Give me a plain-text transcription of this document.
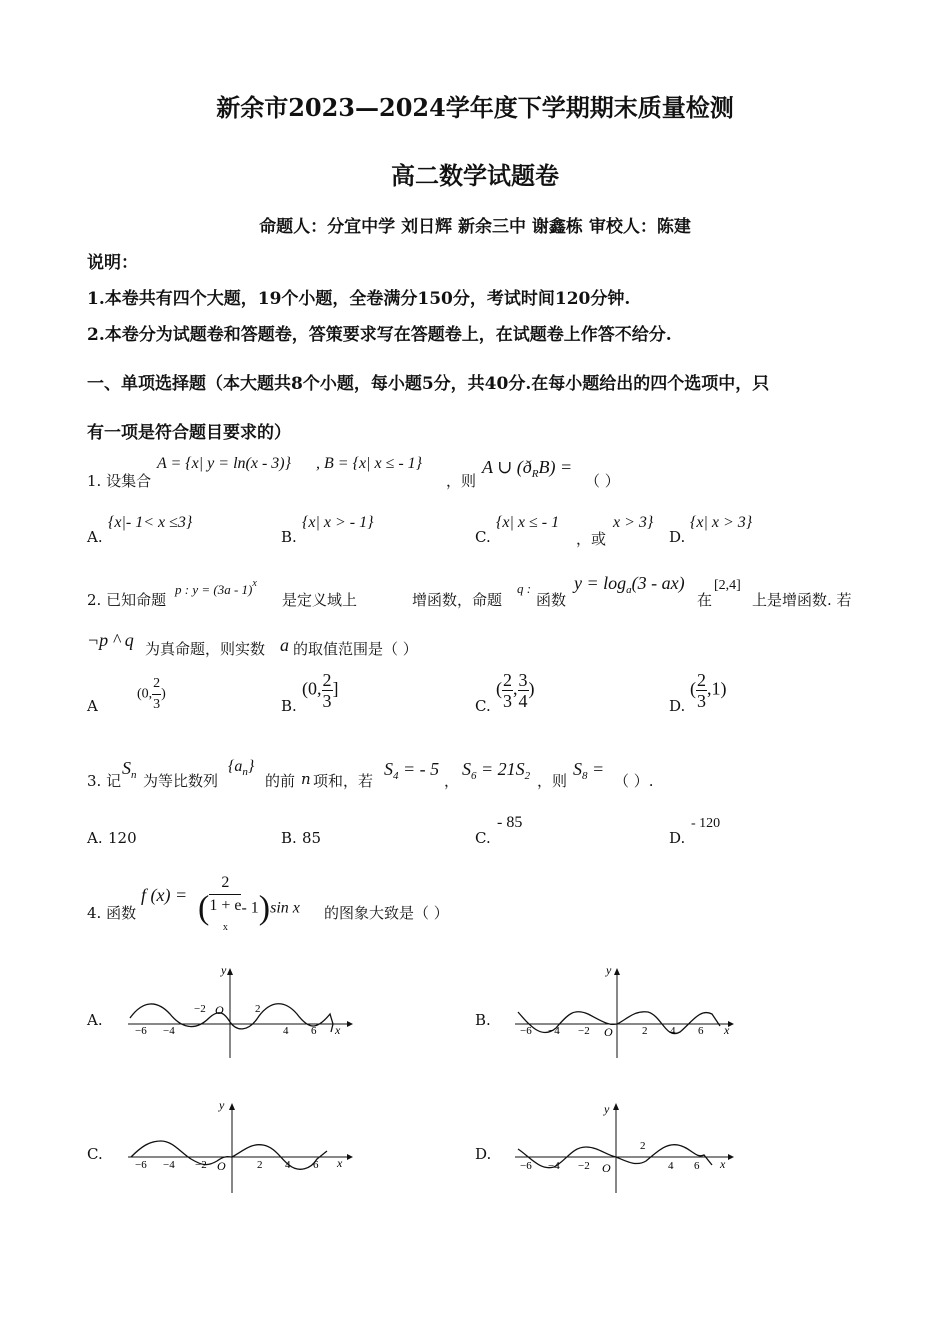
新余市2023—2024学年度下学期期末质量检测
高二数学试题卷
命题人：分宜中学 刘日辉 新余三中 谢鑫栋 审校人：陈建
说明：
1.本卷共有四个大题，19个小题，全卷满分150分，考试时间120分钟.
2.本卷分为试题卷和答题卷，答策要求写在答题卷上，在试题卷上作答不给分.
一、单项选择题（本大题共8个小题，每小题5分，共40分.在每小题给出的四个选项中，只
有一项是符合题目要求的）
1. 设集合
A = {x| y = ln(x - 3)} , B = {x| x ≤ - 1}
，则
A ∪ $(ð_RB)$ =
（ ）
A.
{x|- 1< x ≤3}
B.
{x| x > - 1}
C.
{x| x ≤ - 1
，或
x > 3}
D.
{x| x > 3}
2. 已知命题
p : y = (3a - 1)$^x$
是定义域上	增函数，命题
q :
函数
$y = \log_a(3 - ax)$
在
[2,4]
上是增函数. 若
¬p ^ q 为真命题，则实数 a 的取值范围是（ ）
A
(0, $\frac{2}{3}$ )
B.
(0, $\frac{2}{3}$ ]
C.
( $\frac{2}{3}$ , $\frac{3}{4}$ )
D.
( $\frac{2}{3} ,1$)
3. 记
$S_n$ 为等比数列
$\{a_n\}$
的前 n 项和，若
$S_4$ = - 5
，
$S_6 = 21S_2$ ，则
$S_8$ =
（ ）.
A. 120	B. 85	C.
- 85
D.
- 120
4. 函数
f (x) = ( 2
1 + e
$^x$ - 1)sin x 的图象大致是（ ）
A.	B.
C.	D.
y
x
O
−6 −4
−2	2
4 6
y
x
O
−6 −4 −2	2 4 6
y
x
O
−6 −4 −2	2 4 6
y
x
O
−6 −4 −2
2
4 6
